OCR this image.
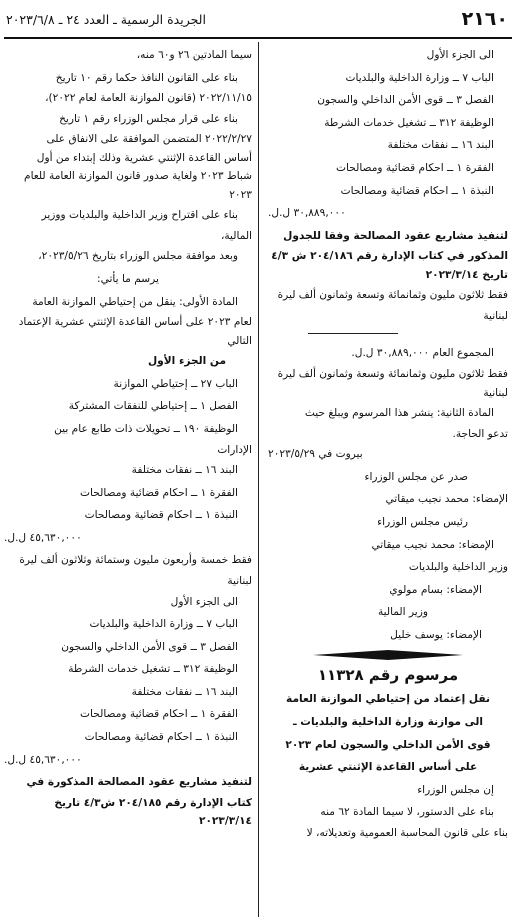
٢١٦٠
الجريدة الرسمية ـ العدد ٢٤ ـ ٢٠٢٣/٦/٨
الى الجزء الأول
الباب ٧ ــ وزارة الداخلية والبلديات
الفصل ٣ ــ قوى الأمن الداخلي والسجون
الوظيفة ٣١٢ ــ تشغيل خدمات الشرطة
البند ١٦ ــ نفقات مختلفة
الفقرة ١ ــ احكام قضائية ومصالحات
النبذة ١ ــ احكام قضائية ومصالحات
٣٠,٨٨٩,٠٠٠ ل.ل.
لتنفيذ مشاريع عقود المصالحة وفقا للجدول
المذكور في كتاب الإدارة رقم ٢٠٤/١٨٦ ش ٤/٣
تاريخ ٢٠٢٣/٣/١٤
فقط ثلاثون مليون وثمانمائة وتسعة وثمانون ألف ليرة
لبنانية
المجموع العام ٣٠,٨٨٩,٠٠٠ ل.ل.
فقط ثلاثون مليون وثمانمائة وتسعة وثمانون ألف ليرة
لبنانية
المادة الثانية: ينشر هذا المرسوم ويبلغ حيث
تدعو الحاجة.
بيروت في ٢٠٢٣/٥/٢٩
صدر عن مجلس الوزراء
الإمضاء: محمد نجيب ميقاتي
رئيس مجلس الوزراء
الإمضاء: محمد نجيب ميقاتي
وزير الداخلية والبلديات
الإمضاء: بسام مولوي
وزير المالية
الإمضاء: يوسف خليل
مرسوم رقم ١١٣٢٨
نقل إعتماد من إحتياطي الموازنة العامة
الى موازنة وزارة الداخلية والبلديات ـ
قوى الأمن الداخلي والسجون لعام ٢٠٢٣
على أساس القاعدة الإثنتي عشرية
إن مجلس الوزراء
بناء على الدستور، لا سيما المادة ٦٢ منه
بناء على قانون المحاسبة العمومية وتعديلاته، لا
سيما المادتين ٢٦ و٦٠ منه،
بناء على القانون النافذ حكما رقم ١٠ تاريخ
٢٠٢٢/١١/١٥ (قانون الموازنة العامة لعام ٢٠٢٢)،
بناء على قرار مجلس الوزراء رقم ١ تاريخ
٢٠٢٢/٢/٢٧ المتضمن الموافقة على الانفاق على
أساس القاعدة الإثنتي عشرية وذلك إبتداء من أول
شباط ٢٠٢٣ ولغاية صدور قانون الموازنة العامة للعام
٢٠٢٣
بناء على اقتراح وزير الداخلية والبلديات ووزير
المالية،
وبعد موافقة مجلس الوزراء بتاريخ ٢٠٢٣/٥/٢٦،
يرسم ما يأتي:
المادة الأولى: ينقل من إحتياطي الموازنة العامة
لعام ٢٠٢٣ على أساس القاعدة الإثنتي عشرية الإعتماد
التالي
من الجزء الأول
الباب ٢٧ ــ إحتياطي الموازنة
الفصل ١ ــ إحتياطي للنفقات المشتركة
الوظيفة ١٩٠ ــ تحويلات ذات طابع عام بين
الإدارات
البند ١٦ ــ نفقات مختلفة
الفقرة ١ ــ احكام قضائية ومصالحات
النبذة ١ ــ احكام قضائية ومصالحات
٤٥,٦٣٠,٠٠٠ ل.ل.
فقط خمسة وأربعون مليون وستمائة وثلاثون ألف ليرة
لبنانية
الى الجزء الأول
الباب ٧ ــ وزارة الداخلية والبلديات
الفصل ٣ ــ قوى الأمن الداخلي والسجون
الوظيفة ٣١٢ ــ تشغيل خدمات الشرطة
البند ١٦ ــ نفقات مختلفة
الفقرة ١ ــ احكام قضائية ومصالحات
النبذة ١ ــ احكام قضائية ومصالحات
٤٥,٦٣٠,٠٠٠ ل.ل.
لتنفيذ مشاريع عقود المصالحة المذكورة في
كتاب الإدارة رقم ٢٠٤/١٨٥ ش٤/٣ تاريخ
٢٠٢٣/٣/١٤
